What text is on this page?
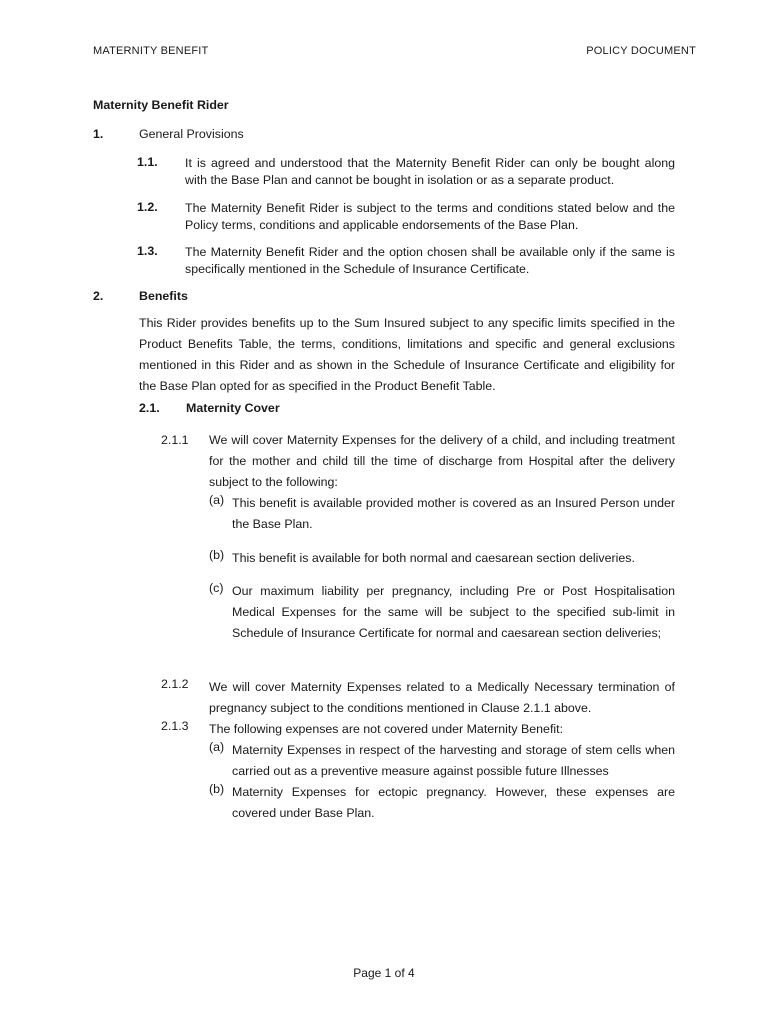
MATERNITY BENEFIT	POLICY DOCUMENT
Maternity Benefit Rider
1.	General Provisions
1.1. It is agreed and understood that the Maternity Benefit Rider can only be bought along with the Base Plan and cannot be bought in isolation or as a separate product.
1.2. The Maternity Benefit Rider is subject to the terms and conditions stated below and the Policy terms, conditions and applicable endorsements of the Base Plan.
1.3. The Maternity Benefit Rider and the option chosen shall be available only if the same is specifically mentioned in the Schedule of Insurance Certificate.
2.	Benefits
This Rider provides benefits up to the Sum Insured subject to any specific limits specified in the Product Benefits Table, the terms, conditions, limitations and specific and general exclusions mentioned in this Rider and as shown in the Schedule of Insurance Certificate and eligibility for the Base Plan opted for as specified in the Product Benefit Table.
2.1. Maternity Cover
2.1.1 We will cover Maternity Expenses for the delivery of a child, and including treatment for the mother and child till the time of discharge from Hospital after the delivery subject to the following:
(a) This benefit is available provided mother is covered as an Insured Person under the Base Plan.
(b) This benefit is available for both normal and caesarean section deliveries.
(c) Our maximum liability per pregnancy, including Pre or Post Hospitalisation Medical Expenses for the same will be subject to the specified sub-limit in Schedule of Insurance Certificate for normal and caesarean section deliveries;
2.1.2 We will cover Maternity Expenses related to a Medically Necessary termination of pregnancy subject to the conditions mentioned in Clause 2.1.1 above.
2.1.3 The following expenses are not covered under Maternity Benefit:
(a) Maternity Expenses in respect of the harvesting and storage of stem cells when carried out as a preventive measure against possible future Illnesses
(b) Maternity Expenses for ectopic pregnancy. However, these expenses are covered under Base Plan.
Page 1 of 4
